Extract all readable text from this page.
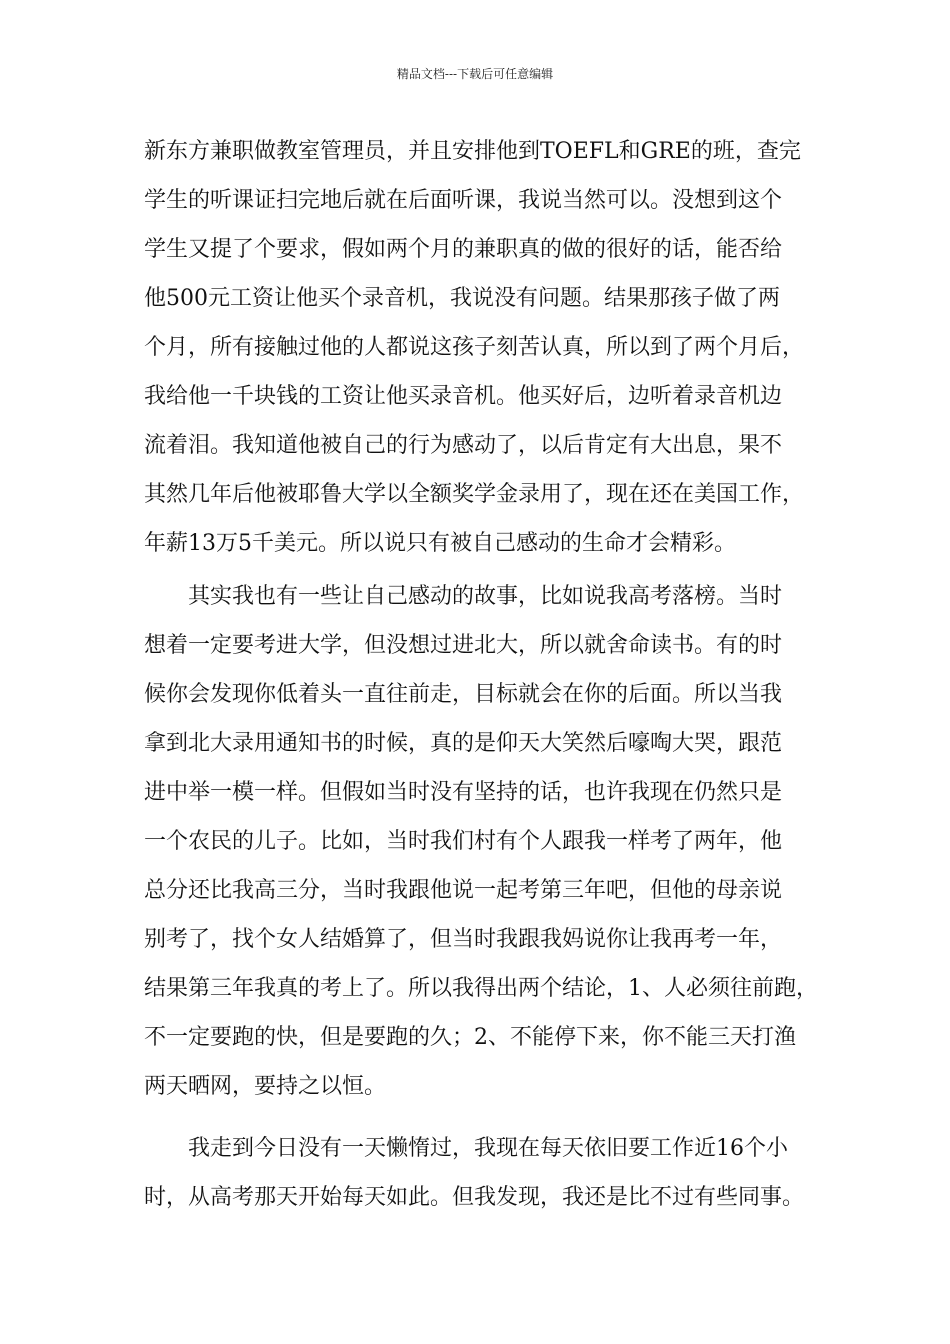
精品文档---下载后可任意编辑
新东方兼职做教室管理员，并且安排他到TOEFL和GRE的班，查完
学生的听课证扫完地后就在后面听课，我说当然可以。没想到这个
学生又提了个要求，假如两个月的兼职真的做的很好的话，能否给
他500元工资让他买个录音机，我说没有问题。结果那孩子做了两
个月，所有接触过他的人都说这孩子刻苦认真，所以到了两个月后，
我给他一千块钱的工资让他买录音机。他买好后，边听着录音机边
流着泪。我知道他被自己的行为感动了，以后肯定有大出息，果不
其然几年后他被耶鲁大学以全额奖学金录用了，现在还在美国工作，
年薪13万5千美元。所以说只有被自己感动的生命才会精彩。
其实我也有一些让自己感动的故事，比如说我高考落榜。当时
想着一定要考进大学，但没想过进北大，所以就舍命读书。有的时
候你会发现你低着头一直往前走，目标就会在你的后面。所以当我
拿到北大录用通知书的时候，真的是仰天大笑然后嚎啕大哭，跟范
进中举一模一样。但假如当时没有坚持的话，也许我现在仍然只是
一个农民的儿子。比如，当时我们村有个人跟我一样考了两年，他
总分还比我高三分，当时我跟他说一起考第三年吧，但他的母亲说
别考了，找个女人结婚算了，但当时我跟我妈说你让我再考一年，
结果第三年我真的考上了。所以我得出两个结论，1、人必须往前跑，
不一定要跑的快，但是要跑的久；2、不能停下来，你不能三天打渔
两天晒网，要持之以恒。
我走到今日没有一天懒惰过，我现在每天依旧要工作近16个小
时，从高考那天开始每天如此。但我发现，我还是比不过有些同事。
